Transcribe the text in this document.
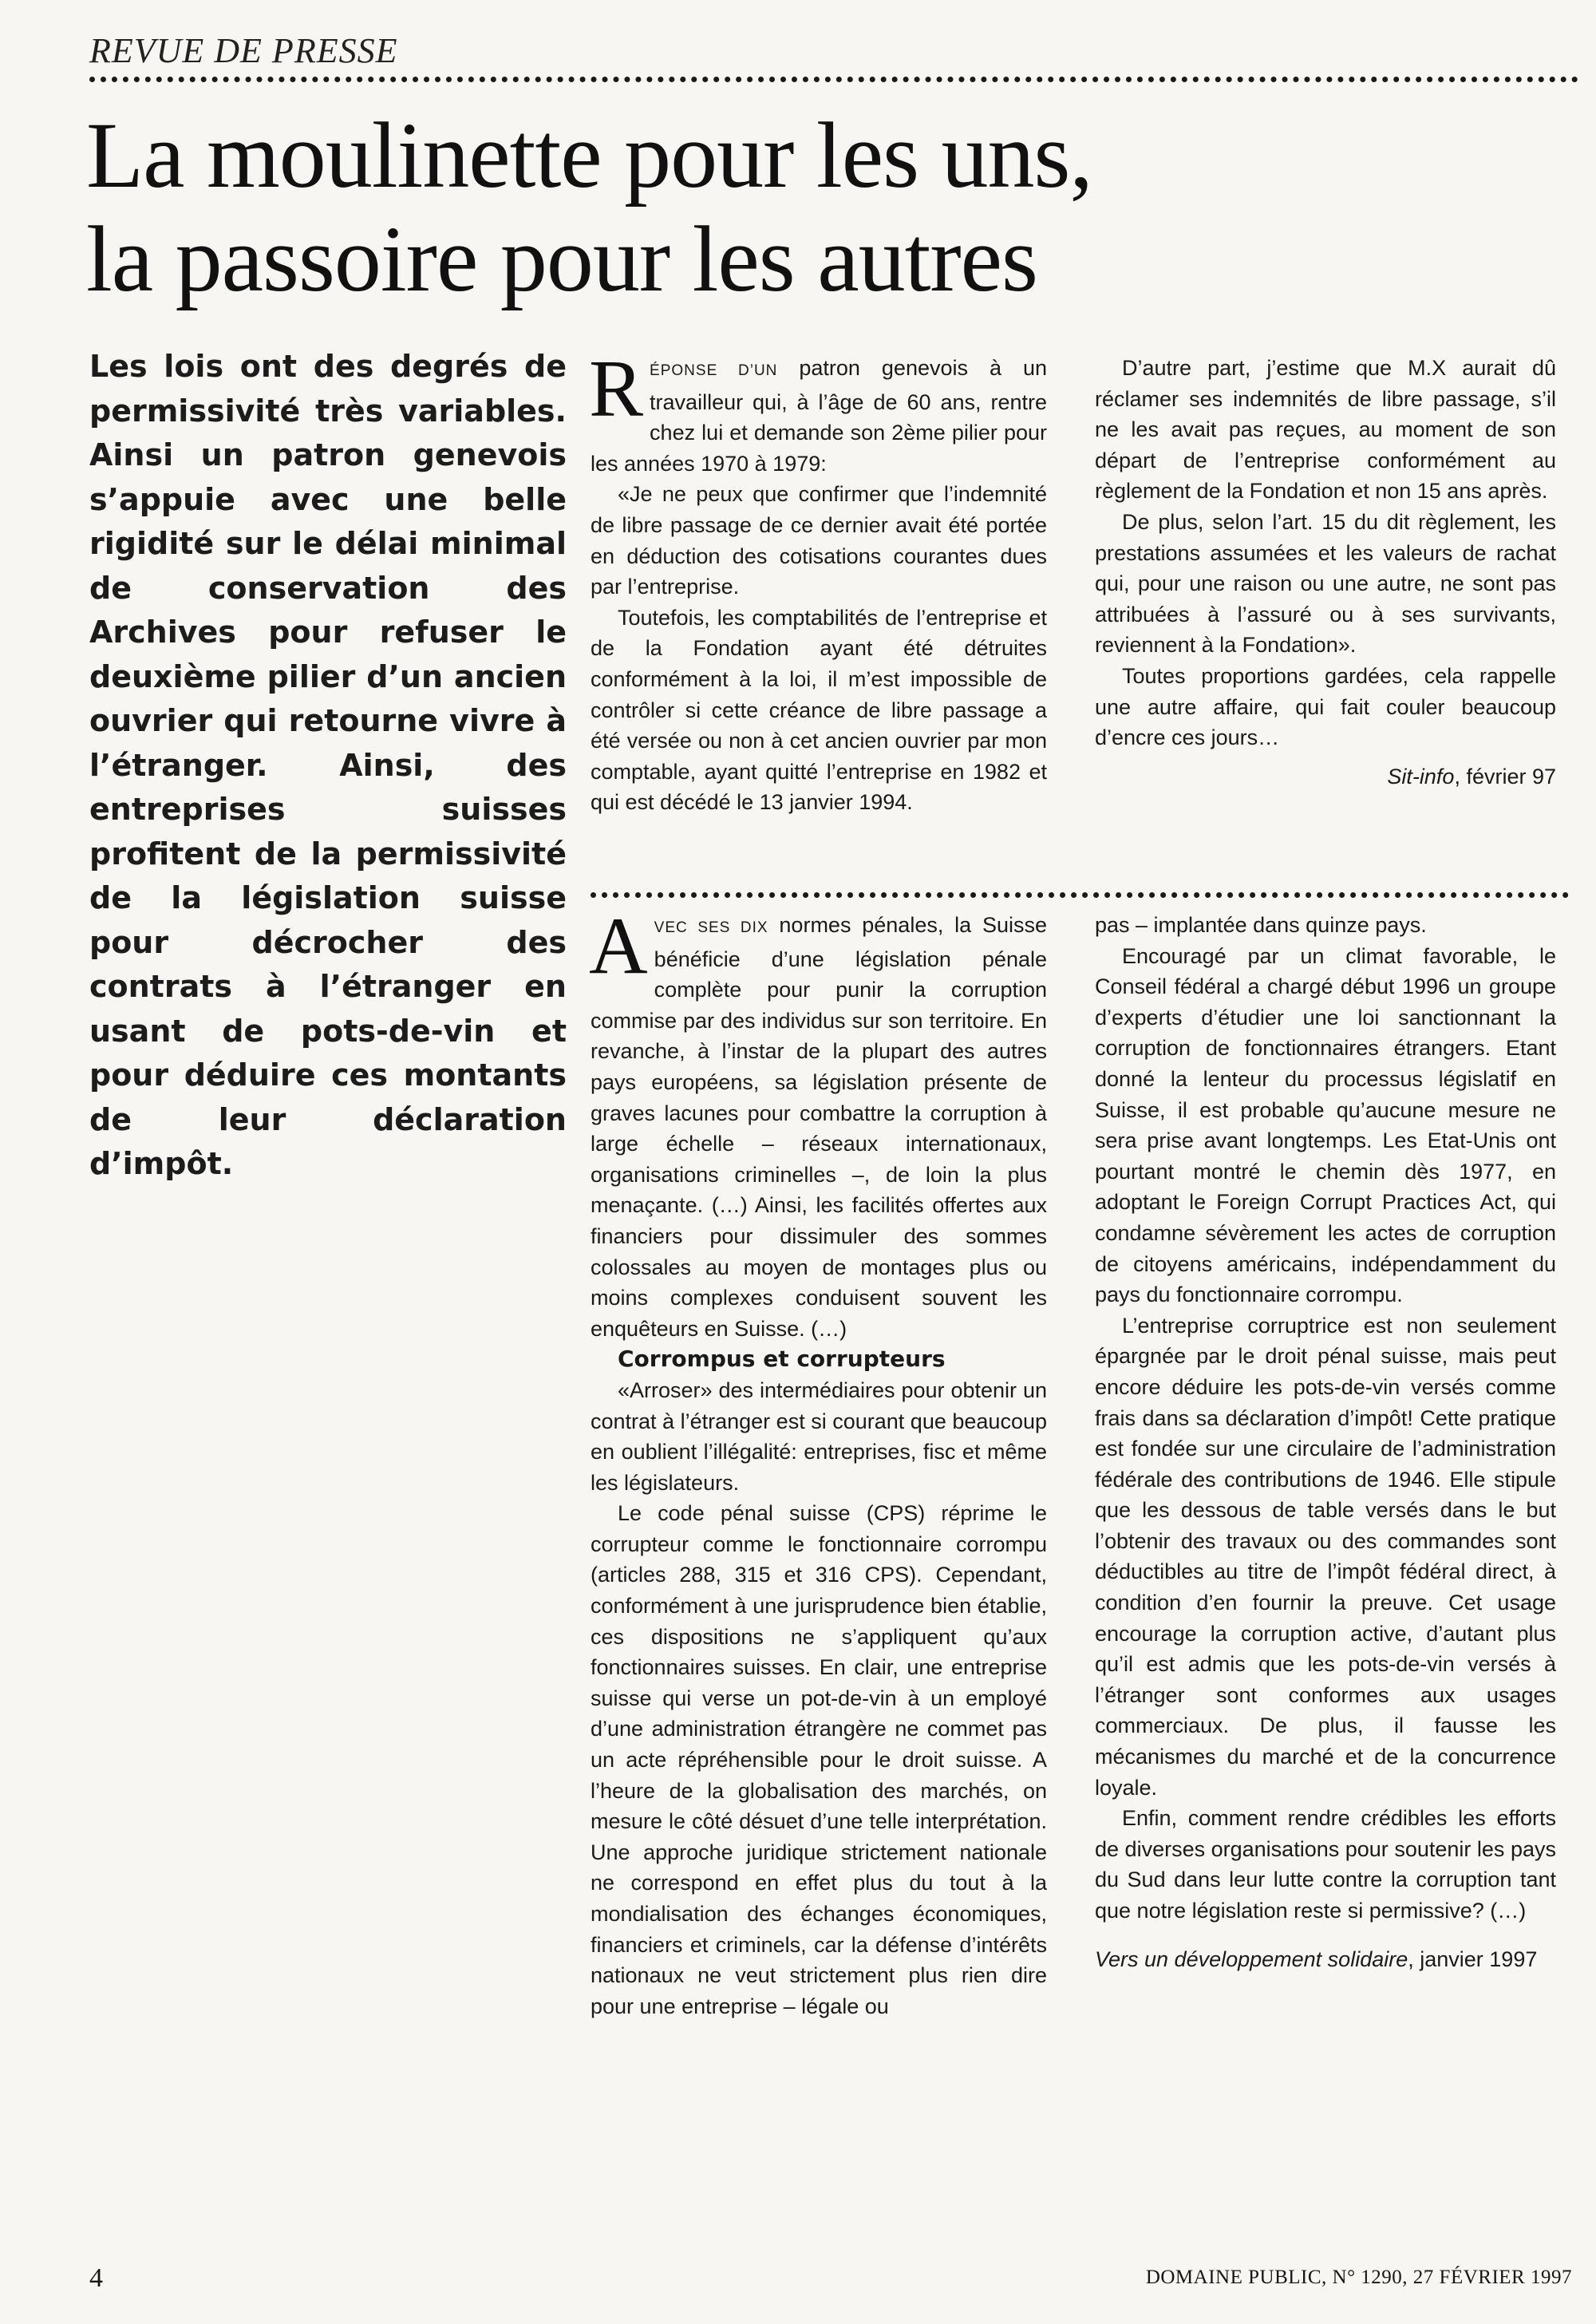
REVUE DE PRESSE
La moulinette pour les uns,
la passoire pour les autres
Les lois ont des degrés de permissivité très variables. Ainsi un patron genevois s’appuie avec une belle rigidité sur le délai minimal de conservation des Archives pour refuser le deuxième pilier d’un ancien ouvrier qui retourne vivre à l’étranger. Ainsi, des entreprises suisses profitent de la permissivité de la législation suisse pour décrocher des contrats à l’étranger en usant de pots-de-vin et pour déduire ces montants de leur déclaration d’impôt.

RÉPONSE D’UN patron genevois à un travailleur qui, à l’âge de 60 ans, rentre chez lui et demande son 2ème pilier pour les années 1970 à 1979:

«Je ne peux que confirmer que l’indemnité de libre passage de ce dernier avait été portée en déduction des cotisations courantes dues par l’entreprise.

Toutefois, les comptabilités de l’entreprise et de la Fondation ayant été détruites conformément à la loi, il m’est impossible de contrôler si cette créance de libre passage a été versée ou non à cet ancien ouvrier par mon comptable, ayant quitté l’entreprise en 1982 et qui est décédé le 13 janvier 1994.

D’autre part, j’estime que M.X aurait dû réclamer ses indemnités de libre passage, s’il ne les avait pas reçues, au moment de son départ de l’entreprise conformément au règlement de la Fondation et non 15 ans après.

De plus, selon l’art. 15 du dit règlement, les prestations assumées et les valeurs de rachat qui, pour une raison ou une autre, ne sont pas attribuées à l’assuré ou à ses survivants, reviennent à la Fondation».

Toutes proportions gardées, cela rappelle une autre affaire, qui fait couler beaucoup d’encre ces jours…

Sit-info, février 97

AVEC SES DIX normes pénales, la Suisse bénéficie d’une législation pénale complète pour punir la corruption commise par des individus sur son territoire. En revanche, à l’instar de la plupart des autres pays européens, sa législation présente de graves lacunes pour combattre la corruption à large échelle – réseaux internationaux, organisations criminelles –, de loin la plus menaçante. (…) Ainsi, les facilités offertes aux financiers pour dissimuler des sommes colossales au moyen de montages plus ou moins complexes conduisent souvent les enquêteurs en Suisse. (…)

Corrompus et corrupteurs

«Arroser» des intermédiaires pour obtenir un contrat à l’étranger est si courant que beaucoup en oublient l’illégalité: entreprises, fisc et même les législateurs.

Le code pénal suisse (CPS) réprime le corrupteur comme le fonctionnaire corrompu (articles 288, 315 et 316 CPS). Cependant, conformément à une jurisprudence bien établie, ces dispositions ne s’appliquent qu’aux fonctionnaires suisses. En clair, une entreprise suisse qui verse un pot-de-vin à un employé d’une administration étrangère ne commet pas un acte répréhensible pour le droit suisse. A l’heure de la globalisation des marchés, on mesure le côté désuet d’une telle interprétation. Une approche juridique strictement nationale ne correspond en effet plus du tout à la mondialisation des échanges économiques, financiers et criminels, car la défense d’intérêts nationaux ne veut strictement plus rien dire pour une entreprise – légale ou

pas – implantée dans quinze pays.

Encouragé par un climat favorable, le Conseil fédéral a chargé début 1996 un groupe d’experts d’étudier une loi sanctionnant la corruption de fonctionnaires étrangers. Etant donné la lenteur du processus législatif en Suisse, il est probable qu’aucune mesure ne sera prise avant longtemps. Les Etat-Unis ont pourtant montré le chemin dès 1977, en adoptant le Foreign Corrupt Practices Act, qui condamne sévèrement les actes de corruption de citoyens américains, indépendamment du pays du fonctionnaire corrompu.

L’entreprise corruptrice est non seulement épargnée par le droit pénal suisse, mais peut encore déduire les pots-de-vin versés comme frais dans sa déclaration d’impôt! Cette pratique est fondée sur une circulaire de l’administration fédérale des contributions de 1946. Elle stipule que les dessous de table versés dans le but l’obtenir des travaux ou des commandes sont déductibles au titre de l’impôt fédéral direct, à condition d’en fournir la preuve. Cet usage encourage la corruption active, d’autant plus qu’il est admis que les pots-de-vin versés à l’étranger sont conformes aux usages commerciaux. De plus, il fausse les mécanismes du marché et de la concurrence loyale.

Enfin, comment rendre crédibles les efforts de diverses organisations pour soutenir les pays du Sud dans leur lutte contre la corruption tant que notre législation reste si permissive? (…)

Vers un développement solidaire, janvier 1997

4	DOMAINE PUBLIC, N° 1290, 27 FÉVRIER 1997
